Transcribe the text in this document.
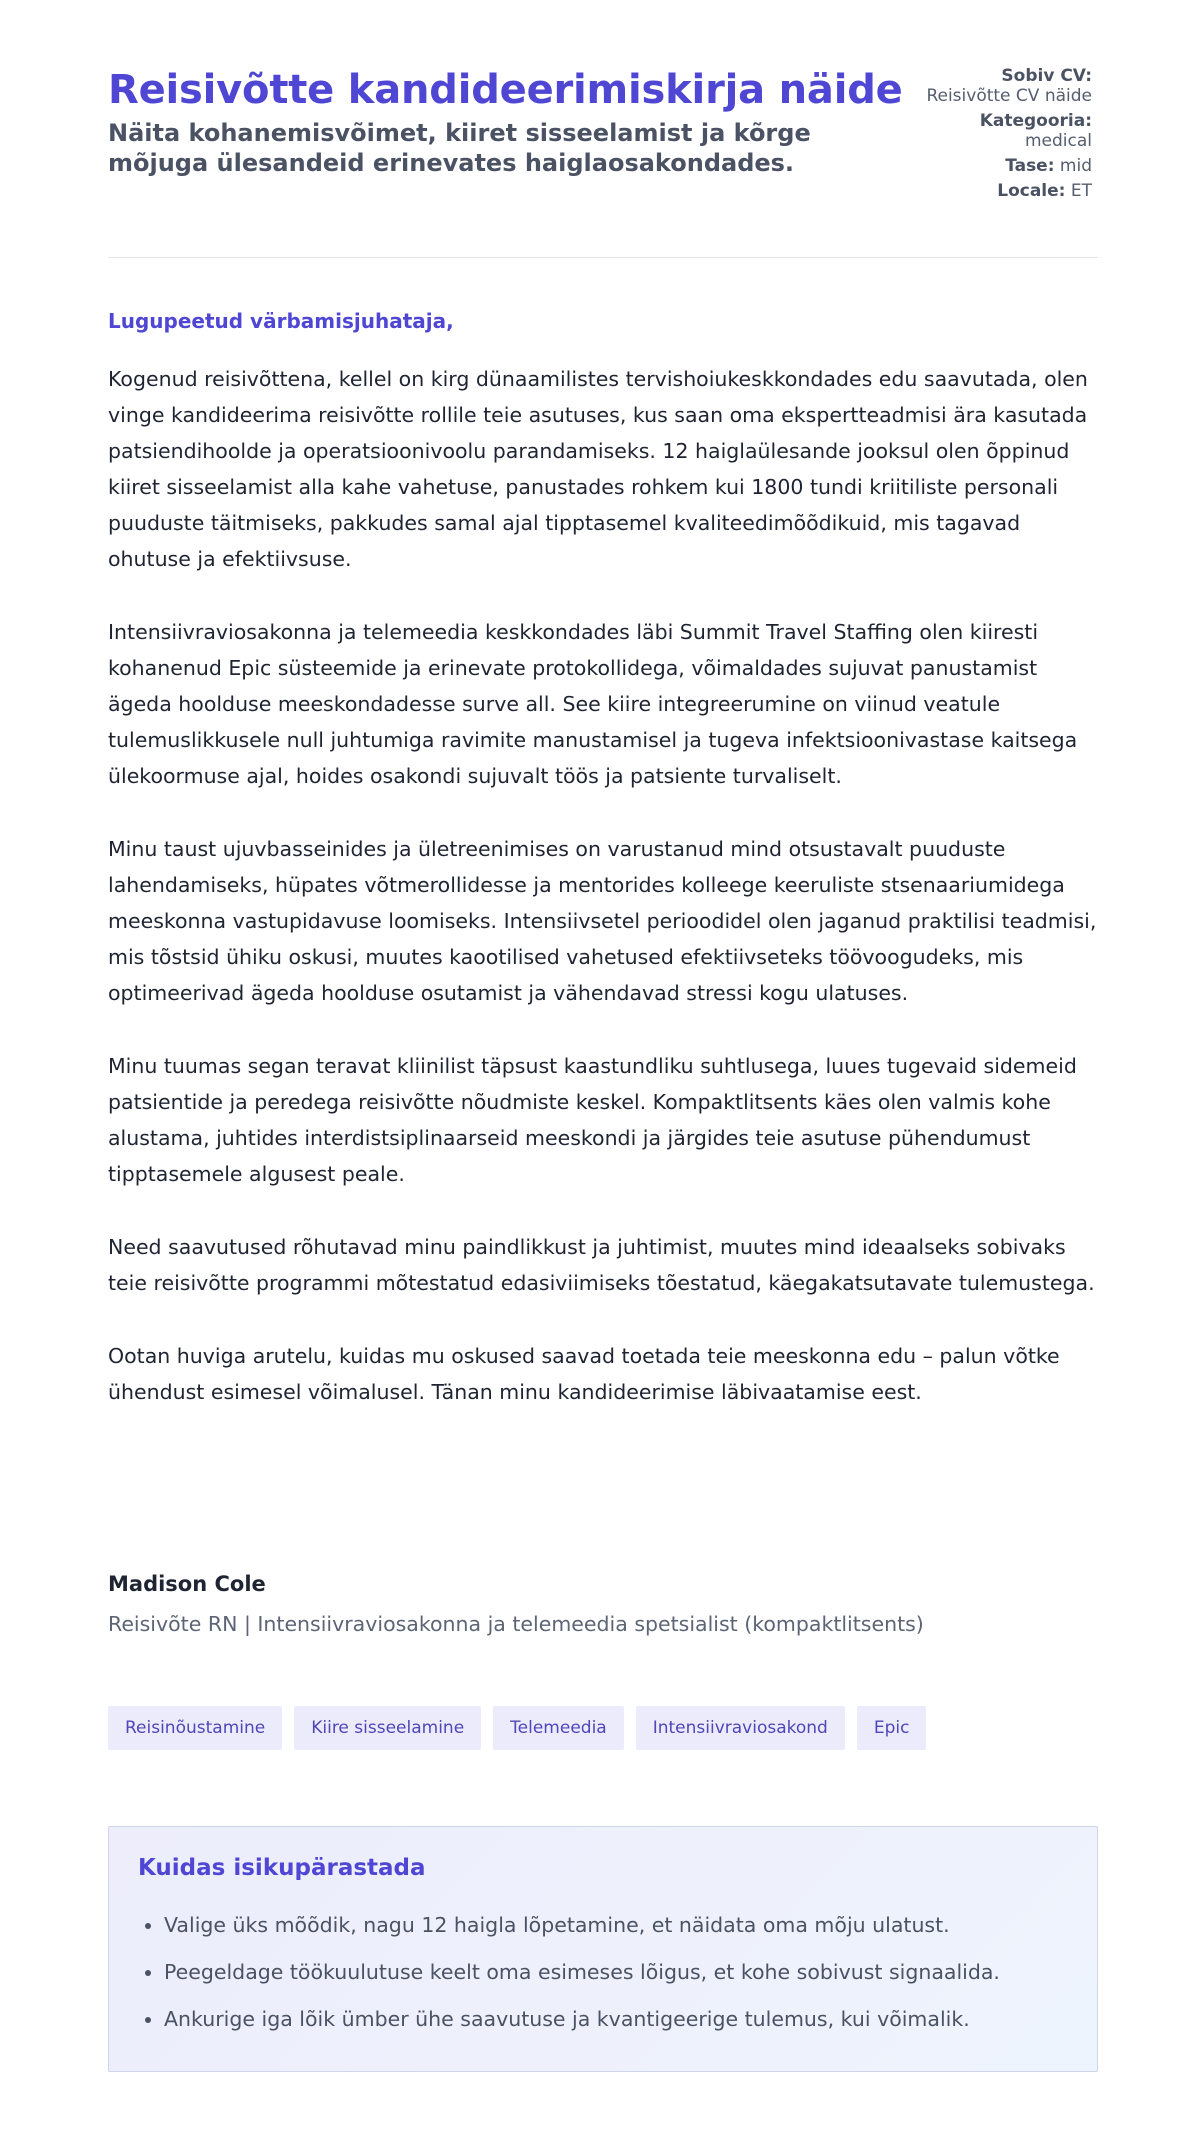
Reisivõtte kandideerimiskirja näide

Näita kohanemisvõimet, kiiret sisseelamist ja kõrge mõjuga ülesandeid erinevates haiglaosakondades.

Sobiv CV:
Reisivõtte CV näide
Kategooria:
medical
Tase: mid
Locale: ET

Lugupeetud värbamisjuhataja,

Kogenud reisivõttena, kellel on kirg dünaamilistes tervishoiukeskkondades edu saavutada, olen vinge kandideerima reisivõtte rollile teie asutuses, kus saan oma ekspertteadmisi ära kasutada patsiendihoolde ja operatsioonivoolu parandamiseks. 12 haiglaülesande jooksul olen õppinud kiiret sisseelamist alla kahe vahetuse, panustades rohkem kui 1800 tundi kriitiliste personali puuduste täitmiseks, pakkudes samal ajal tipptasemel kvaliteedimõõdikuid, mis tagavad ohutuse ja efektiivsuse.

Intensiivraviosakonna ja telemeedia keskkondades läbi Summit Travel Staffing olen kiiresti kohanenud Epic süsteemide ja erinevate protokollidega, võimaldades sujuvat panustamist ägeda hoolduse meeskondadesse surve all. See kiire integreerumine on viinud veatule tulemuslikkusele null juhtumiga ravimite manustamisel ja tugeva infektsioonivastase kaitsega ülekoormuse ajal, hoides osakondi sujuvalt töös ja patsiente turvaliselt.

Minu taust ujuvbasseinides ja ületreenimises on varustanud mind otsustavalt puuduste lahendamiseks, hüpates võtmerollidesse ja mentorides kolleege keeruliste stsenaariumidega meeskonna vastupidavuse loomiseks. Intensiivsetel perioodidel olen jaganud praktilisi teadmisi, mis tõstsid ühiku oskusi, muutes kaootilised vahetused efektiivseteks töövoogudeks, mis optimeerivad ägeda hoolduse osutamist ja vähendavad stressi kogu ulatuses.

Minu tuumas segan teravat kliinilist täpsust kaastundliku suhtlusega, luues tugevaid sidemeid patsientide ja peredega reisivõtte nõudmiste keskel. Kompaktlitsents käes olen valmis kohe alustama, juhtides interdistsiplinaarseid meeskondi ja järgides teie asutuse pühendumust tipptasemele algusest peale.

Need saavutused rõhutavad minu paindlikkust ja juhtimist, muutes mind ideaalseks sobivaks teie reisivõtte programmi mõtestatud edasiviimiseks tõestatud, käegakatsutavate tulemustega.

Ootan huviga arutelu, kuidas mu oskused saavad toetada teie meeskonna edu – palun võtke ühendust esimesel võimalusel. Tänan minu kandideerimise läbivaatamise eest.

Madison Cole

Reisivõte RN | Intensiivraviosakonna ja telemeedia spetsialist (kompaktlitsents)

Reisinõustamine	Kiire sisseelamine	Telemeedia	Intensiivraviosakond	Epic
Kuidas isikupärastada
• Valige üks mõõdik, nagu 12 haigla lõpetamine, et näidata oma mõju ulatust.
• Peegeldage töökuulutuse keelt oma esimeses lõigus, et kohe sobivust signaalida.
• Ankurige iga lõik ümber ühe saavutuse ja kvantigeerige tulemus, kui võimalik.
